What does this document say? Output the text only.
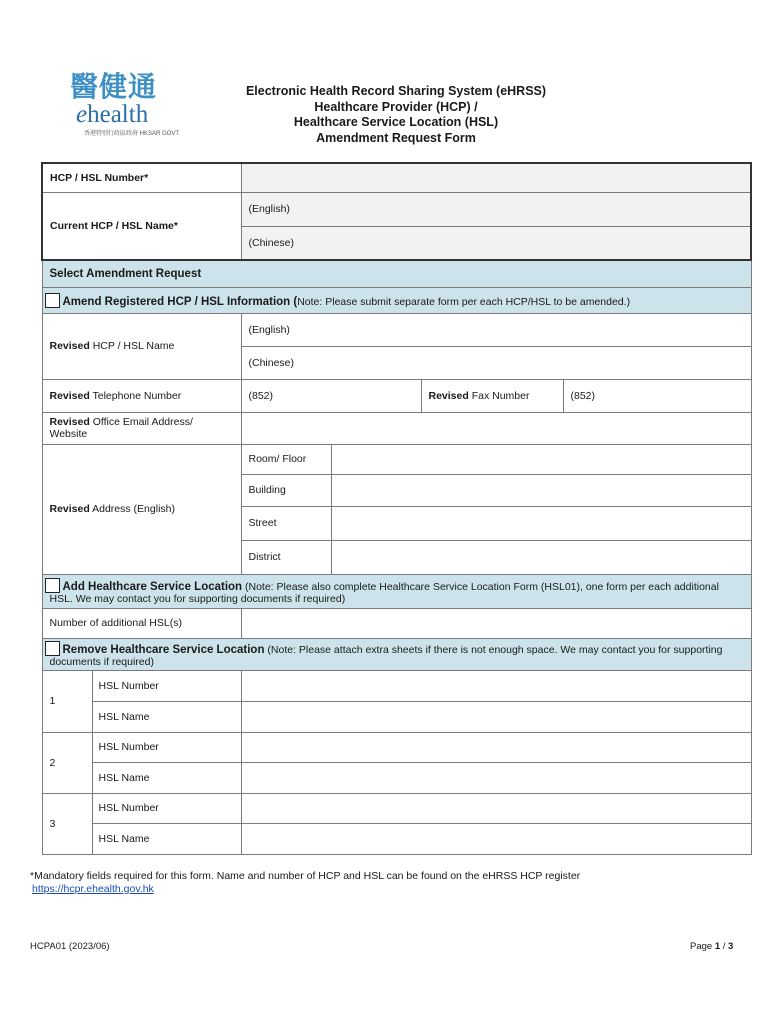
醫健通
ehealth
香港特別行政區政府 HKSAR GOVT
Electronic Health Record Sharing System (eHRSS)
Healthcare Provider (HCP) /
Healthcare Service Location (HSL)
Amendment Request Form
HCP / HSL Number*					
Current HCP / HSL Name*		(English)			
		(Chinese)			
Select Amendment Request					
Amend Registered HCP / HSL Information (Note: Please submit separate form per each HCP/HSL to be amended.)					
Revised HCP / HSL Name		(English)			
		(Chinese)			
Revised Telephone Number		(852)		Revised Fax Number	(852)
Revised Office Email Address/ Website					
Revised Address (English)		Room/ Floor			
		Building			
		Street			
		District			
Add Healthcare Service Location (Note: Please also complete Healthcare Service Location Form (HSL01), one form per each additional HSL. We may contact you for supporting documents if required)					
Number of additional HSL(s)					
Remove Healthcare Service Location (Note: Please attach extra sheets if there is not enough space. We may contact you for supporting documents if required)					
1	HSL Number				
	HSL Name				
2	HSL Number				
	HSL Name				
3	HSL Number				
	HSL Name				
*Mandatory fields required for this form. Name and number of HCP and HSL can be found on the eHRSS HCP register
https://hcpr.ehealth.gov.hk
HCPA01 (2023/06)	Page 1 / 3
